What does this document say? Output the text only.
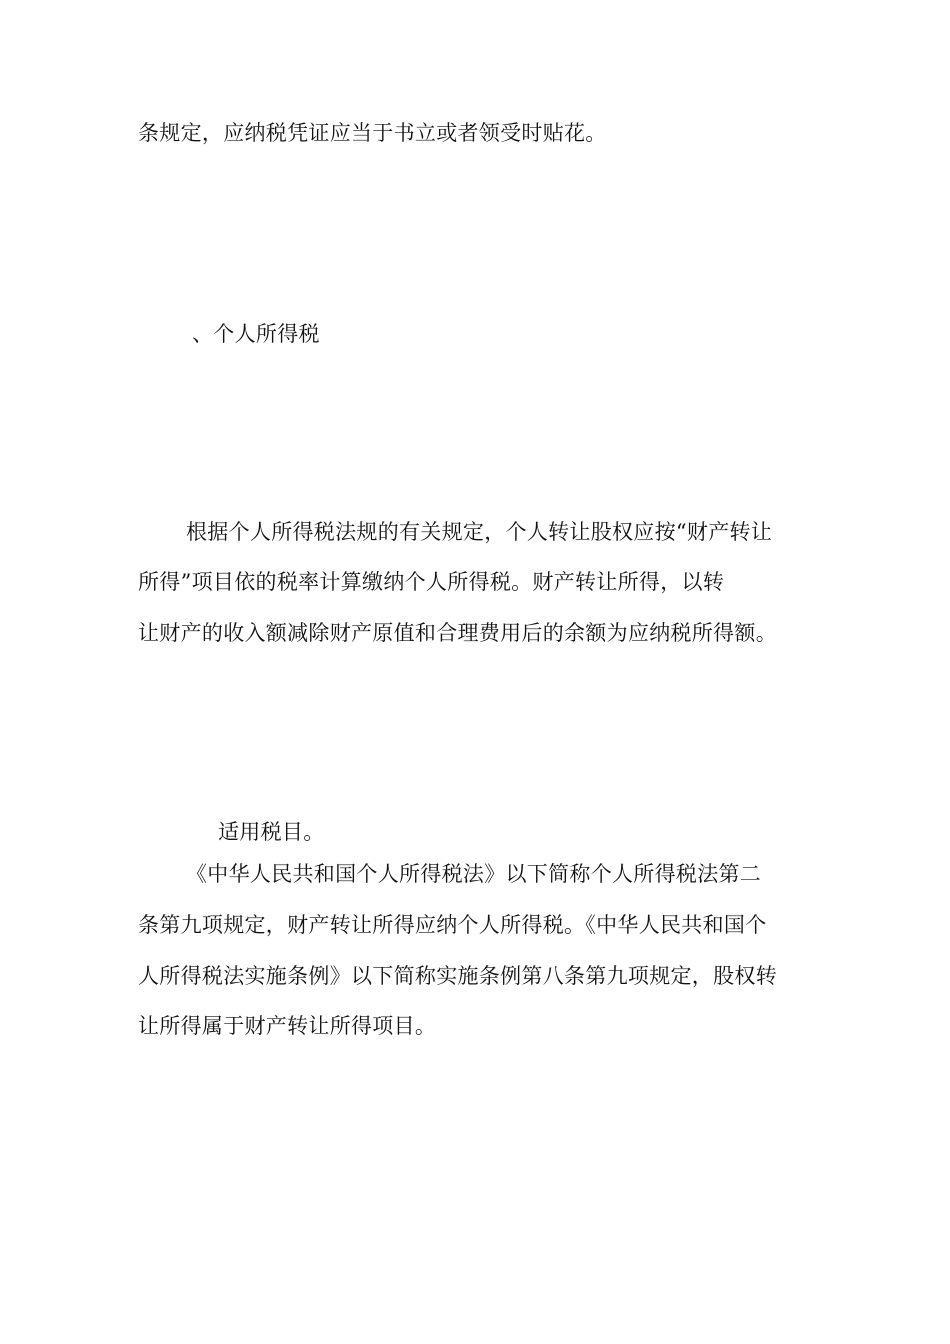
条规定，应纳税凭证应当于书立或者领受时贴花。
、个人所得税
根据个人所得税法规的有关规定，个人转让股权应按“财产转让
所得”项目依的税率计算缴纳个人所得税。财产转让所得，以转
让财产的收入额减除财产原值和合理费用后的余额为应纳税所得额。
适用税目。
《中华人民共和国个人所得税法》以下简称个人所得税法第二
条第九项规定，财产转让所得应纳个人所得税。《中华人民共和国个
人所得税法实施条例》以下简称实施条例第八条第九项规定，股权转
让所得属于财产转让所得项目。
